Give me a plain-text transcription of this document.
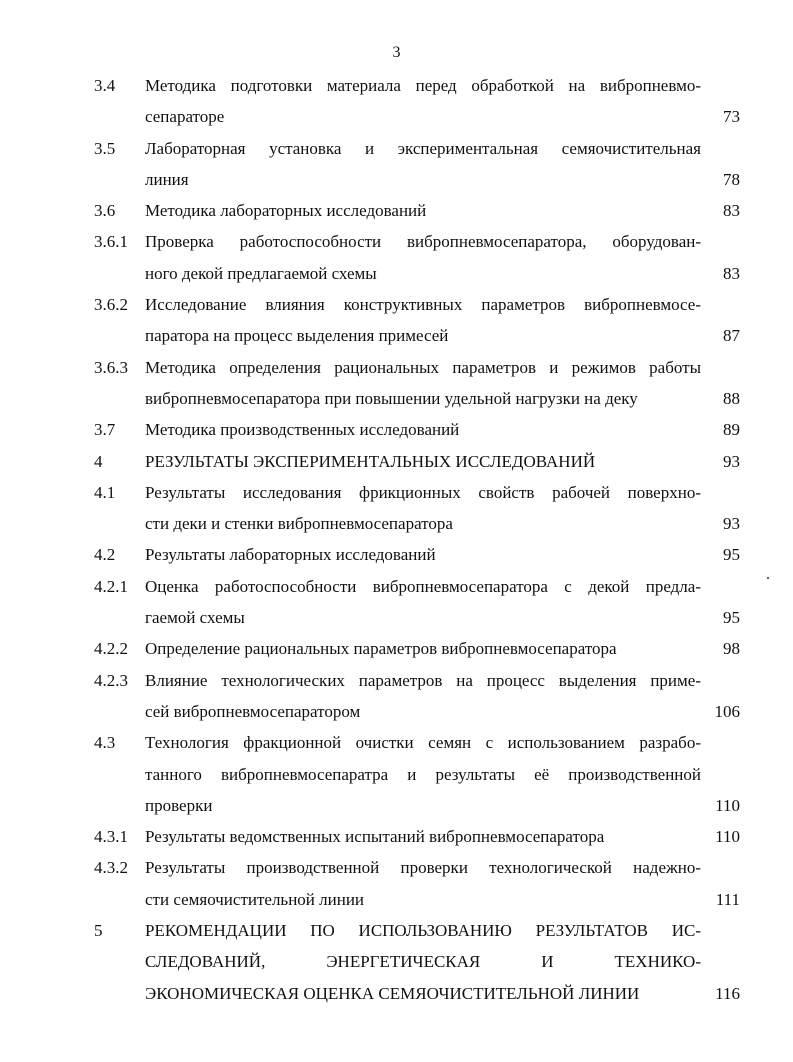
3
3.4 Методика подготовки материала перед обработкой на вибропневмо-
сепараторе	73
3.5 Лабораторная установка и экспериментальная семяочистительная
линия	78
3.6 Методика лабораторных исследований	83
3.6.1 Проверка работоспособности вибропневмосепаратора, оборудован-
ного декой предлагаемой схемы	83
3.6.2 Исследование влияния конструктивных параметров вибропневмосе-
паратора на процесс выделения примесей	87
3.6.3 Методика определения рациональных параметров и режимов работы
вибропневмосепаратора при повышении удельной нагрузки на деку	88
3.7 Методика производственных исследований	89
4	РЕЗУЛЬТАТЫ ЭКСПЕРИМЕНТАЛЬНЫХ ИССЛЕДОВАНИЙ	93
4.1 Результаты исследования фрикционных свойств рабочей поверхно-
сти деки и стенки вибропневмосепаратора	93
4.2 Результаты лабораторных исследований	95
4.2.1 Оценка работоспособности вибропневмосепаратора с декой предла-
гаемой схемы	95
4.2.2 Определение рациональных параметров вибропневмосепаратора	98
4.2.3 Влияние технологических параметров на процесс выделения приме-
сей вибропневмосепаратором	106
4.3 Технология фракционной очистки семян с использованием разрабо-
танного вибропневмосепаратра и результаты её производственной
проверки	110
4.3.1 Результаты ведомственных испытаний вибропневмосепаратора	110
4.3.2 Результаты производственной проверки технологической надежно-
сти семяочистительной линии	111
5	РЕКОМЕНДАЦИИ ПО ИСПОЛЬЗОВАНИЮ РЕЗУЛЬТАТОВ ИС-
СЛЕДОВАНИЙ, ЭНЕРГЕТИЧЕСКАЯ И ТЕХНИКО-
ЭКОНОМИЧЕСКАЯ ОЦЕНКА СЕМЯОЧИСТИТЕЛЬНОЙ ЛИНИИ	116
